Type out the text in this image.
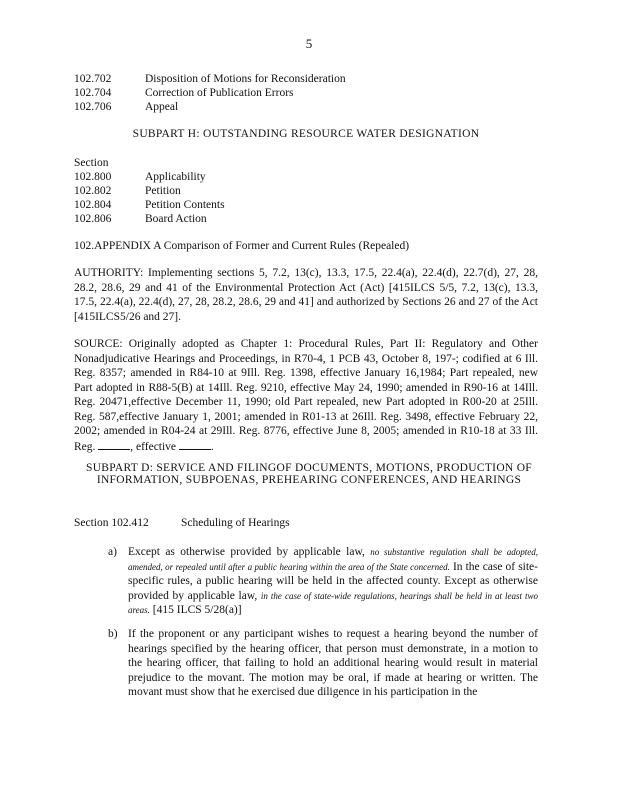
5
102.702	Disposition of Motions for Reconsideration
102.704	Correction of Publication Errors
102.706	Appeal
SUBPART H: OUTSTANDING RESOURCE WATER DESIGNATION
Section
102.800	Applicability
102.802	Petition
102.804	Petition Contents
102.806	Board Action
102.APPENDIX A Comparison of Former and Current Rules (Repealed)
AUTHORITY: Implementing sections 5, 7.2, 13(c), 13.3, 17.5, 22.4(a), 22.4(d), 22.7(d), 27, 28, 28.2, 28.6, 29 and 41 of the Environmental Protection Act (Act) [415ILCS 5/5, 7.2, 13(c), 13.3, 17.5, 22.4(a), 22.4(d), 27, 28, 28.2, 28.6, 29 and 41] and authorized by Sections 26 and 27 of the Act [415ILCS5/26 and 27].
SOURCE: Originally adopted as Chapter 1: Procedural Rules, Part II: Regulatory and Other Nonadjudicative Hearings and Proceedings, in R70-4, 1 PCB 43, October 8, 197-; codified at 6 Ill. Reg. 8357; amended in R84-10 at 9Ill. Reg. 1398, effective January 16,1984; Part repealed, new Part adopted in R88-5(B) at 14Ill. Reg. 9210, effective May 24, 1990; amended in R90-16 at 14Ill. Reg. 20471,effective December 11, 1990; old Part repealed, new Part adopted in R00-20 at 25Ill. Reg. 587,effective January 1, 2001; amended in R01-13 at 26Ill. Reg. 3498, effective February 22, 2002; amended in R04-24 at 29Ill. Reg. 8776, effective June 8, 2005; amended in R10-18 at 33 Ill. Reg.	, effective	.
SUBPART D: SERVICE AND FILINGOF DOCUMENTS, MOTIONS, PRODUCTION OF
INFORMATION, SUBPOENAS, PREHEARING CONFERENCES, AND HEARINGS
Section 102.412	Scheduling of Hearings
a) Except as otherwise provided by applicable law, no substantive regulation shall be adopted, amended, or repealed until after a public hearing within the area of the State concerned. In the case of site-specific rules, a public hearing will be held in the affected county. Except as otherwise provided by applicable law, in the case of state-wide regulations, hearings shall be held in at least two areas. [415 ILCS 5/28(a)]
b) If the proponent or any participant wishes to request a hearing beyond the number of hearings specified by the hearing officer, that person must demonstrate, in a motion to the hearing officer, that failing to hold an additional hearing would result in material prejudice to the movant. The motion may be oral, if made at hearing or written. The movant must show that he exercised due diligence in his participation in the
